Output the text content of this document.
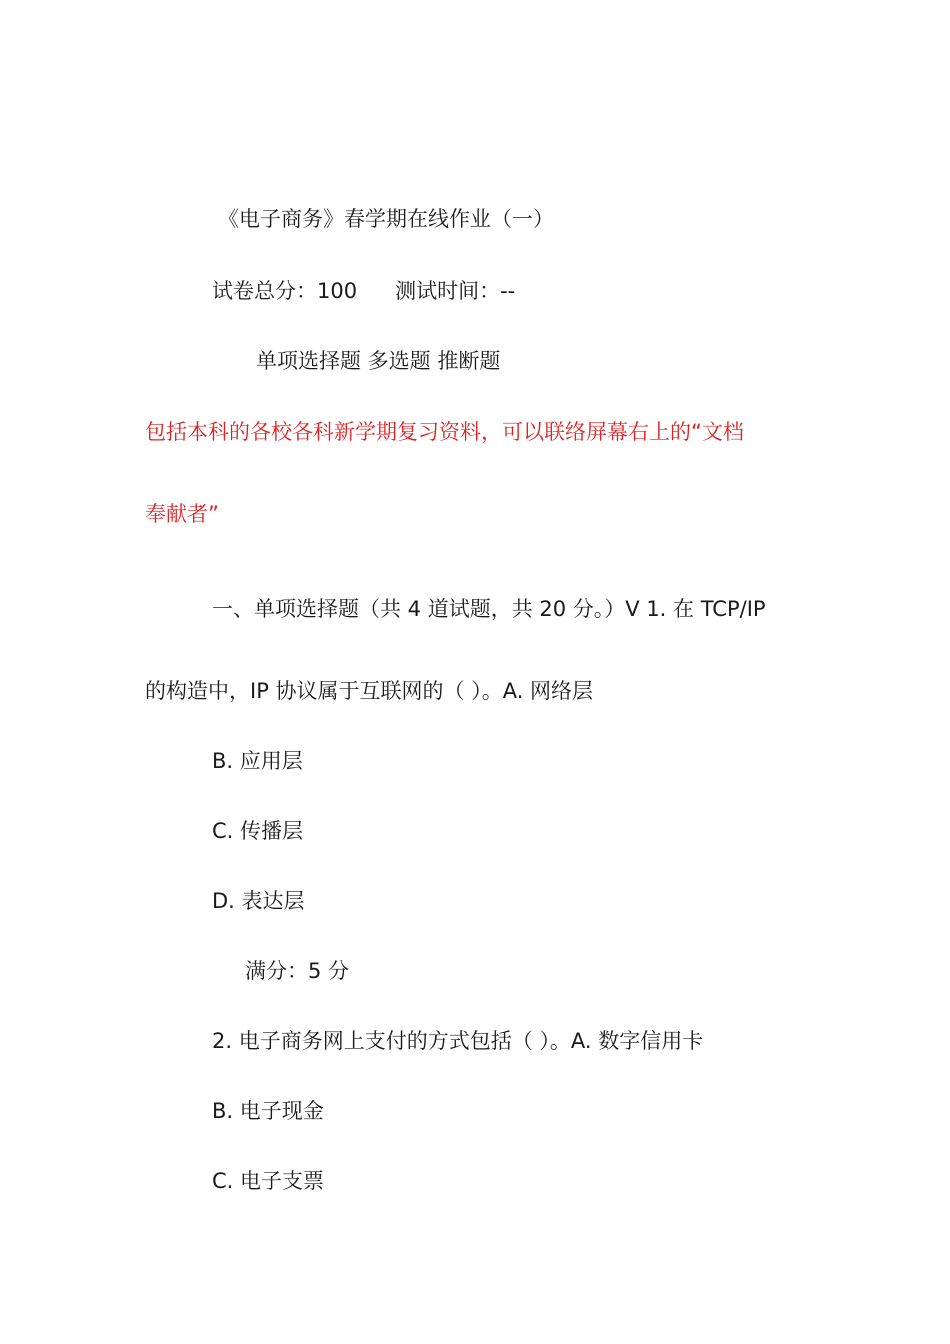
《电子商务》春学期在线作业（一）

试卷总分：100 测试时间：--

单项选择题 多选题 推断题

包括本科的各校各科新学期复习资料，可以联络屏幕右上的“文档

奉献者”

一、单项选择题（共 4 道试题，共 20 分。）V 1. 在 TCP/IP

的构造中，IP 协议属于互联网的（ ）。A. 网络层

B. 应用层

C. 传播层

D. 表达层

满分：5 分

2. 电子商务网上支付的方式包括（ ）。A. 数字信用卡

B. 电子现金

C. 电子支票
